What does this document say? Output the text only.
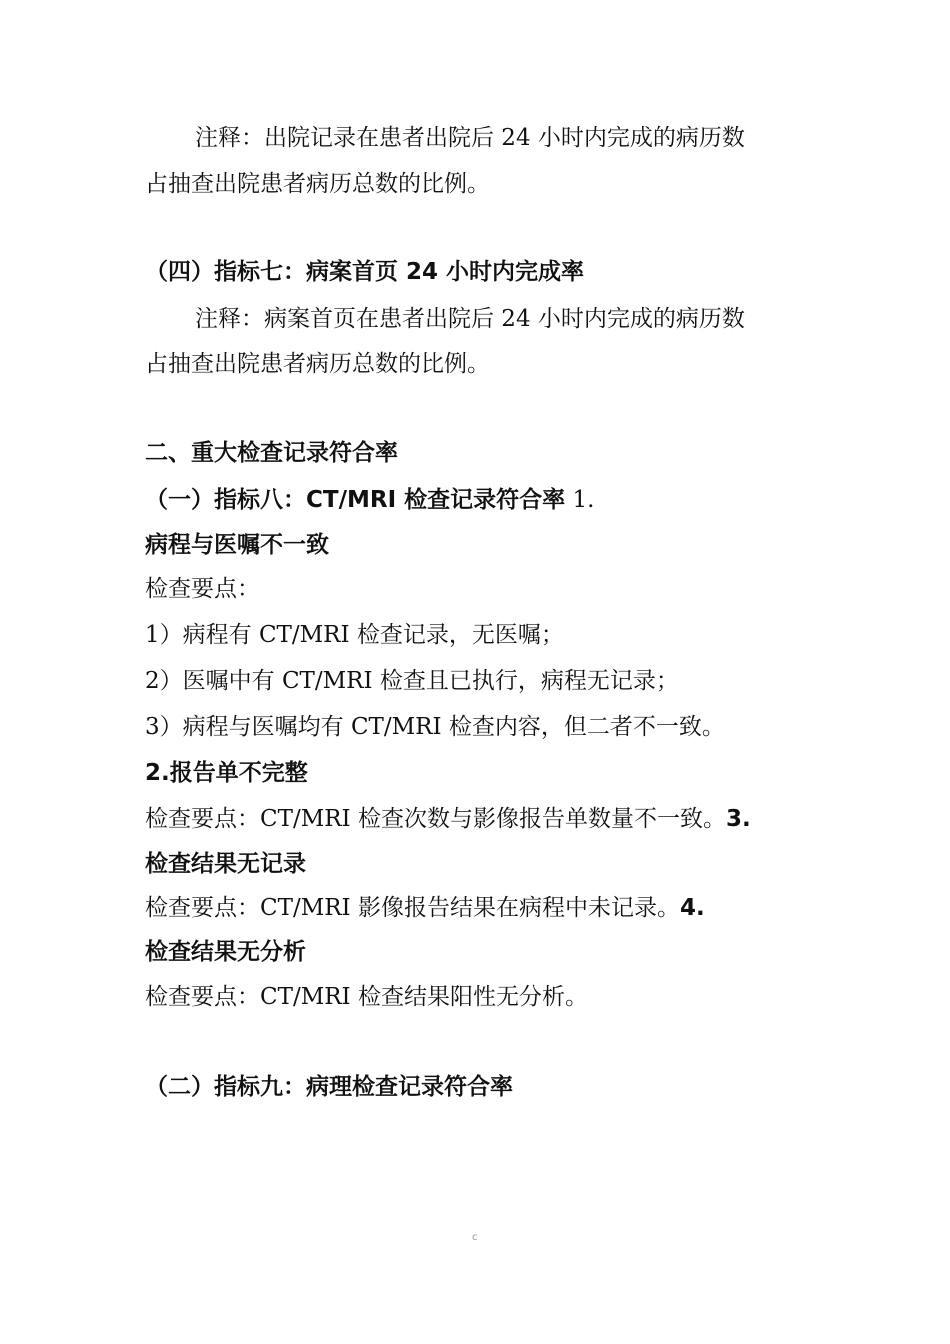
注释：出院记录在患者出院后 24 小时内完成的病历数
占抽查出院患者病历总数的比例。
（四）指标七：病案首页 24 小时内完成率
注释：病案首页在患者出院后 24 小时内完成的病历数
占抽查出院患者病历总数的比例。
二、重大检查记录符合率
（一）指标八：CT/MRI 检查记录符合率 1.
病程与医嘱不一致
检查要点：
1）病程有 CT/MRI 检查记录，无医嘱；
2）医嘱中有 CT/MRI 检查且已执行，病程无记录；
3）病程与医嘱均有 CT/MRI 检查内容，但二者不一致。
2.报告单不完整
检查要点：CT/MRI 检查次数与影像报告单数量不一致。3.
检查结果无记录
检查要点：CT/MRI 影像报告结果在病程中未记录。4.
检查结果无分析
检查要点：CT/MRI 检查结果阳性无分析。
（二）指标九：病理检查记录符合率
c
